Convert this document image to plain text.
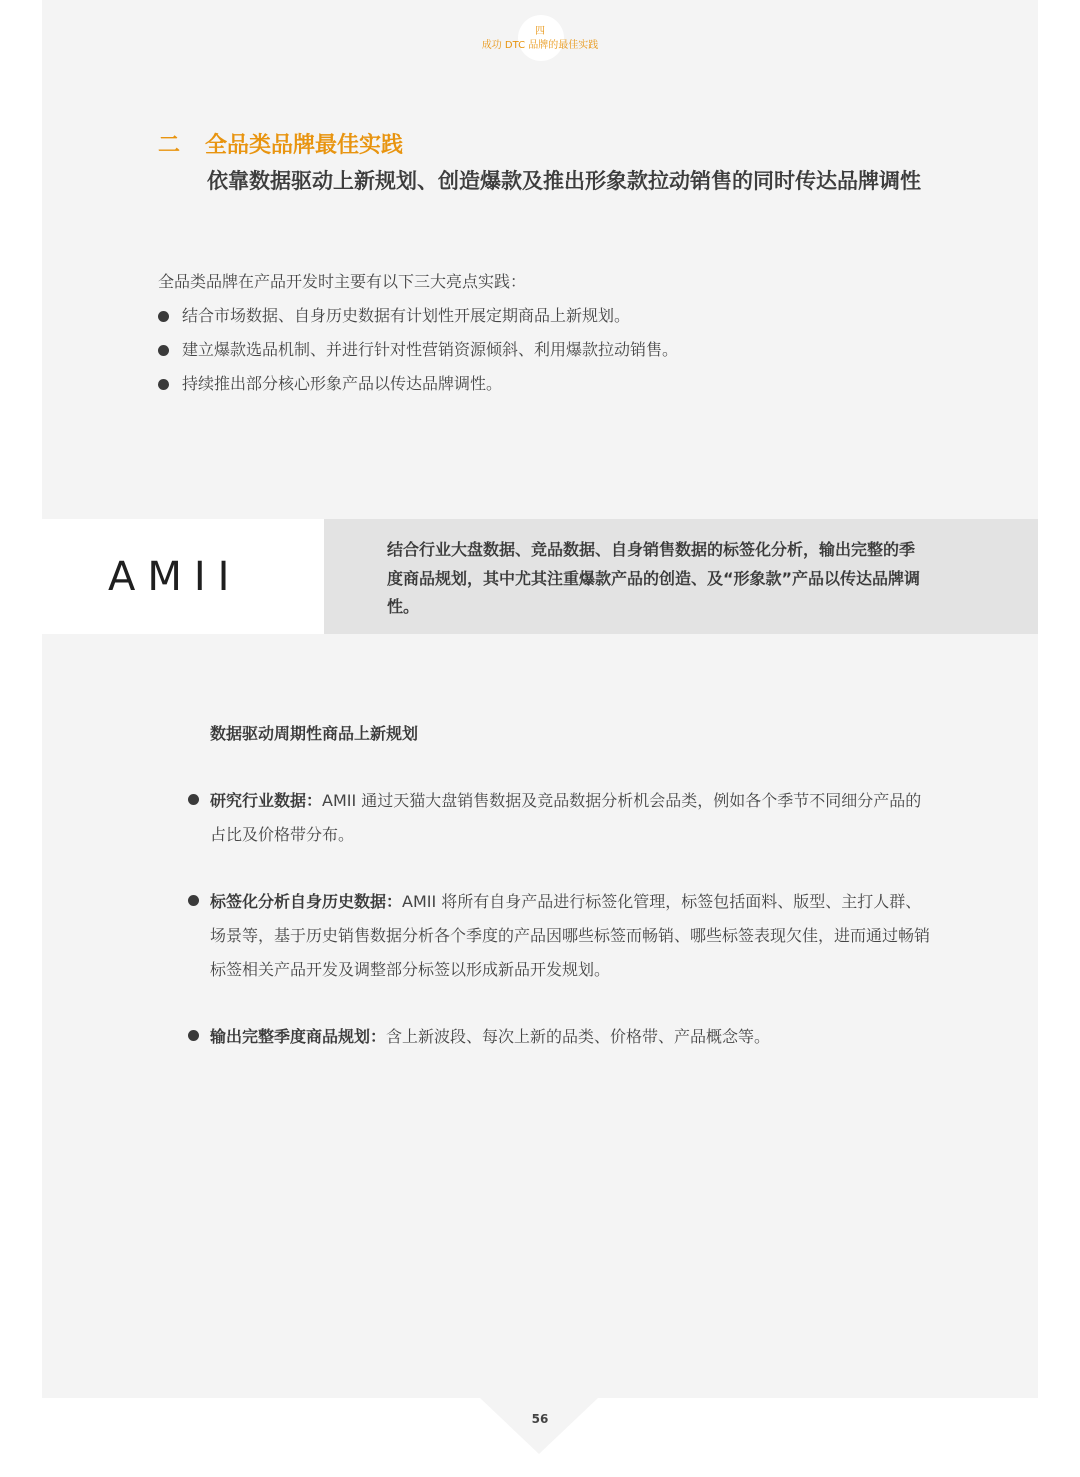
四
成功 DTC 品牌的最佳实践
二 全品类品牌最佳实践
依靠数据驱动上新规划、创造爆款及推出形象款拉动销售的同时传达品牌调性

全品类品牌在产品开发时主要有以下三大亮点实践：

结合市场数据、自身历史数据有计划性开展定期商品上新规划。
建立爆款选品机制、并进行针对性营销资源倾斜、利用爆款拉动销售。
持续推出部分核心形象产品以传达品牌调性。
AMII

结合行业大盘数据、竞品数据、自身销售数据的标签化分析，输出完整的季度商品规划，其中尤其注重爆款产品的创造、及“形象款”产品以传达品牌调性。

数据驱动周期性商品上新规划

研究行业数据：AMII 通过天猫大盘销售数据及竞品数据分析机会品类，例如各个季节不同细分产品的占比及价格带分布。

标签化分析自身历史数据：AMII 将所有自身产品进行标签化管理，标签包括面料、版型、主打人群、场景等，基于历史销售数据分析各个季度的产品因哪些标签而畅销、哪些标签表现欠佳，进而通过畅销标签相关产品开发及调整部分标签以形成新品开发规划。

输出完整季度商品规划：含上新波段、每次上新的品类、价格带、产品概念等。

56
